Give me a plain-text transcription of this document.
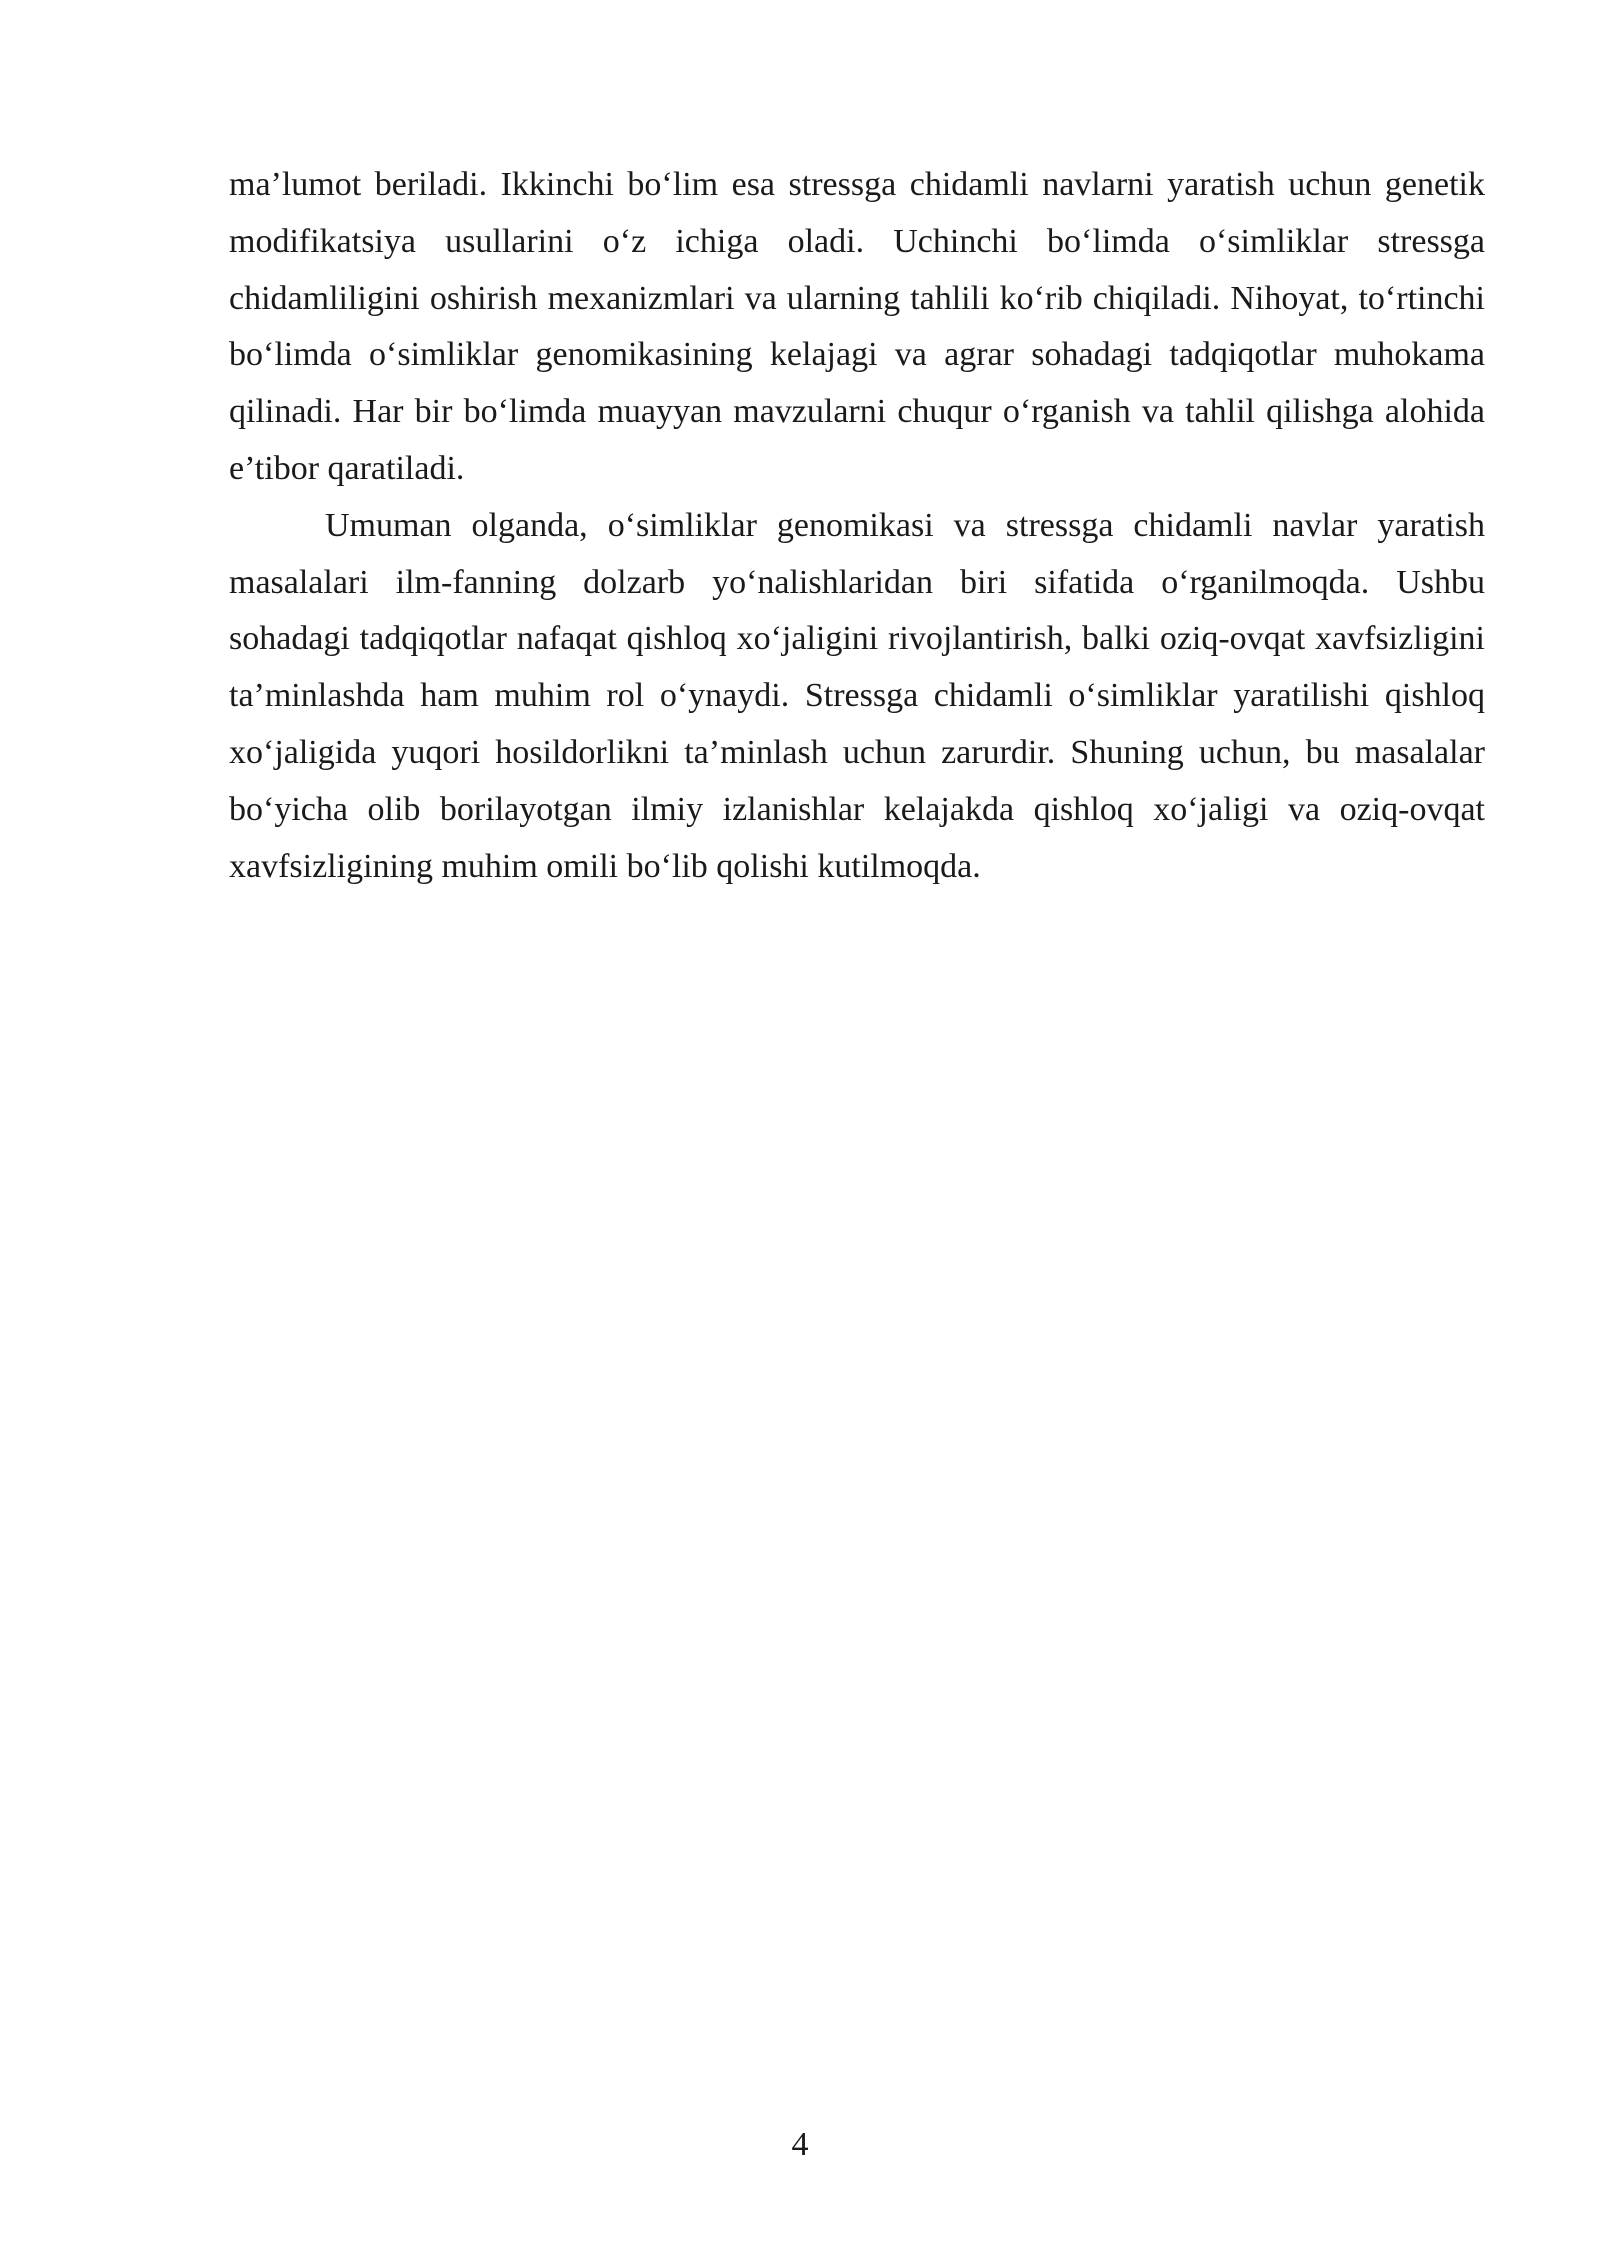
ma’lumot beriladi. Ikkinchi bo‘lim esa stressga chidamli navlarni yaratish uchun genetik modifikatsiya usullarini o‘z ichiga oladi. Uchinchi bo‘limda o‘simliklar stressga chidamliligini oshirish mexanizmlari va ularning tahlili ko‘rib chiqiladi. Nihoyat, to‘rtinchi bo‘limda o‘simliklar genomikasining kelajagi va agrar sohadagi tadqiqotlar muhokama qilinadi. Har bir bo‘limda muayyan mavzularni chuqur o‘rganish va tahlil qilishga alohida e’tibor qaratiladi.

Umuman olganda, o‘simliklar genomikasi va stressga chidamli navlar yaratish masalalari ilm-fanning dolzarb yo‘nalishlaridan biri sifatida o‘rganilmoqda. Ushbu sohadagi tadqiqotlar nafaqat qishloq xo‘jaligini rivojlantirish, balki oziq-ovqat xavfsizligini ta’minlashda ham muhim rol o‘ynaydi. Stressga chidamli o‘simliklar yaratilishi qishloq xo‘jaligida yuqori hosildorlikni ta’minlash uchun zarurdir. Shuning uchun, bu masalalar bo‘yicha olib borilayotgan ilmiy izlanishlar kelajakda qishloq xo‘jaligi va oziq-ovqat xavfsizligining muhim omili bo‘lib qolishi kutilmoqda.

4
